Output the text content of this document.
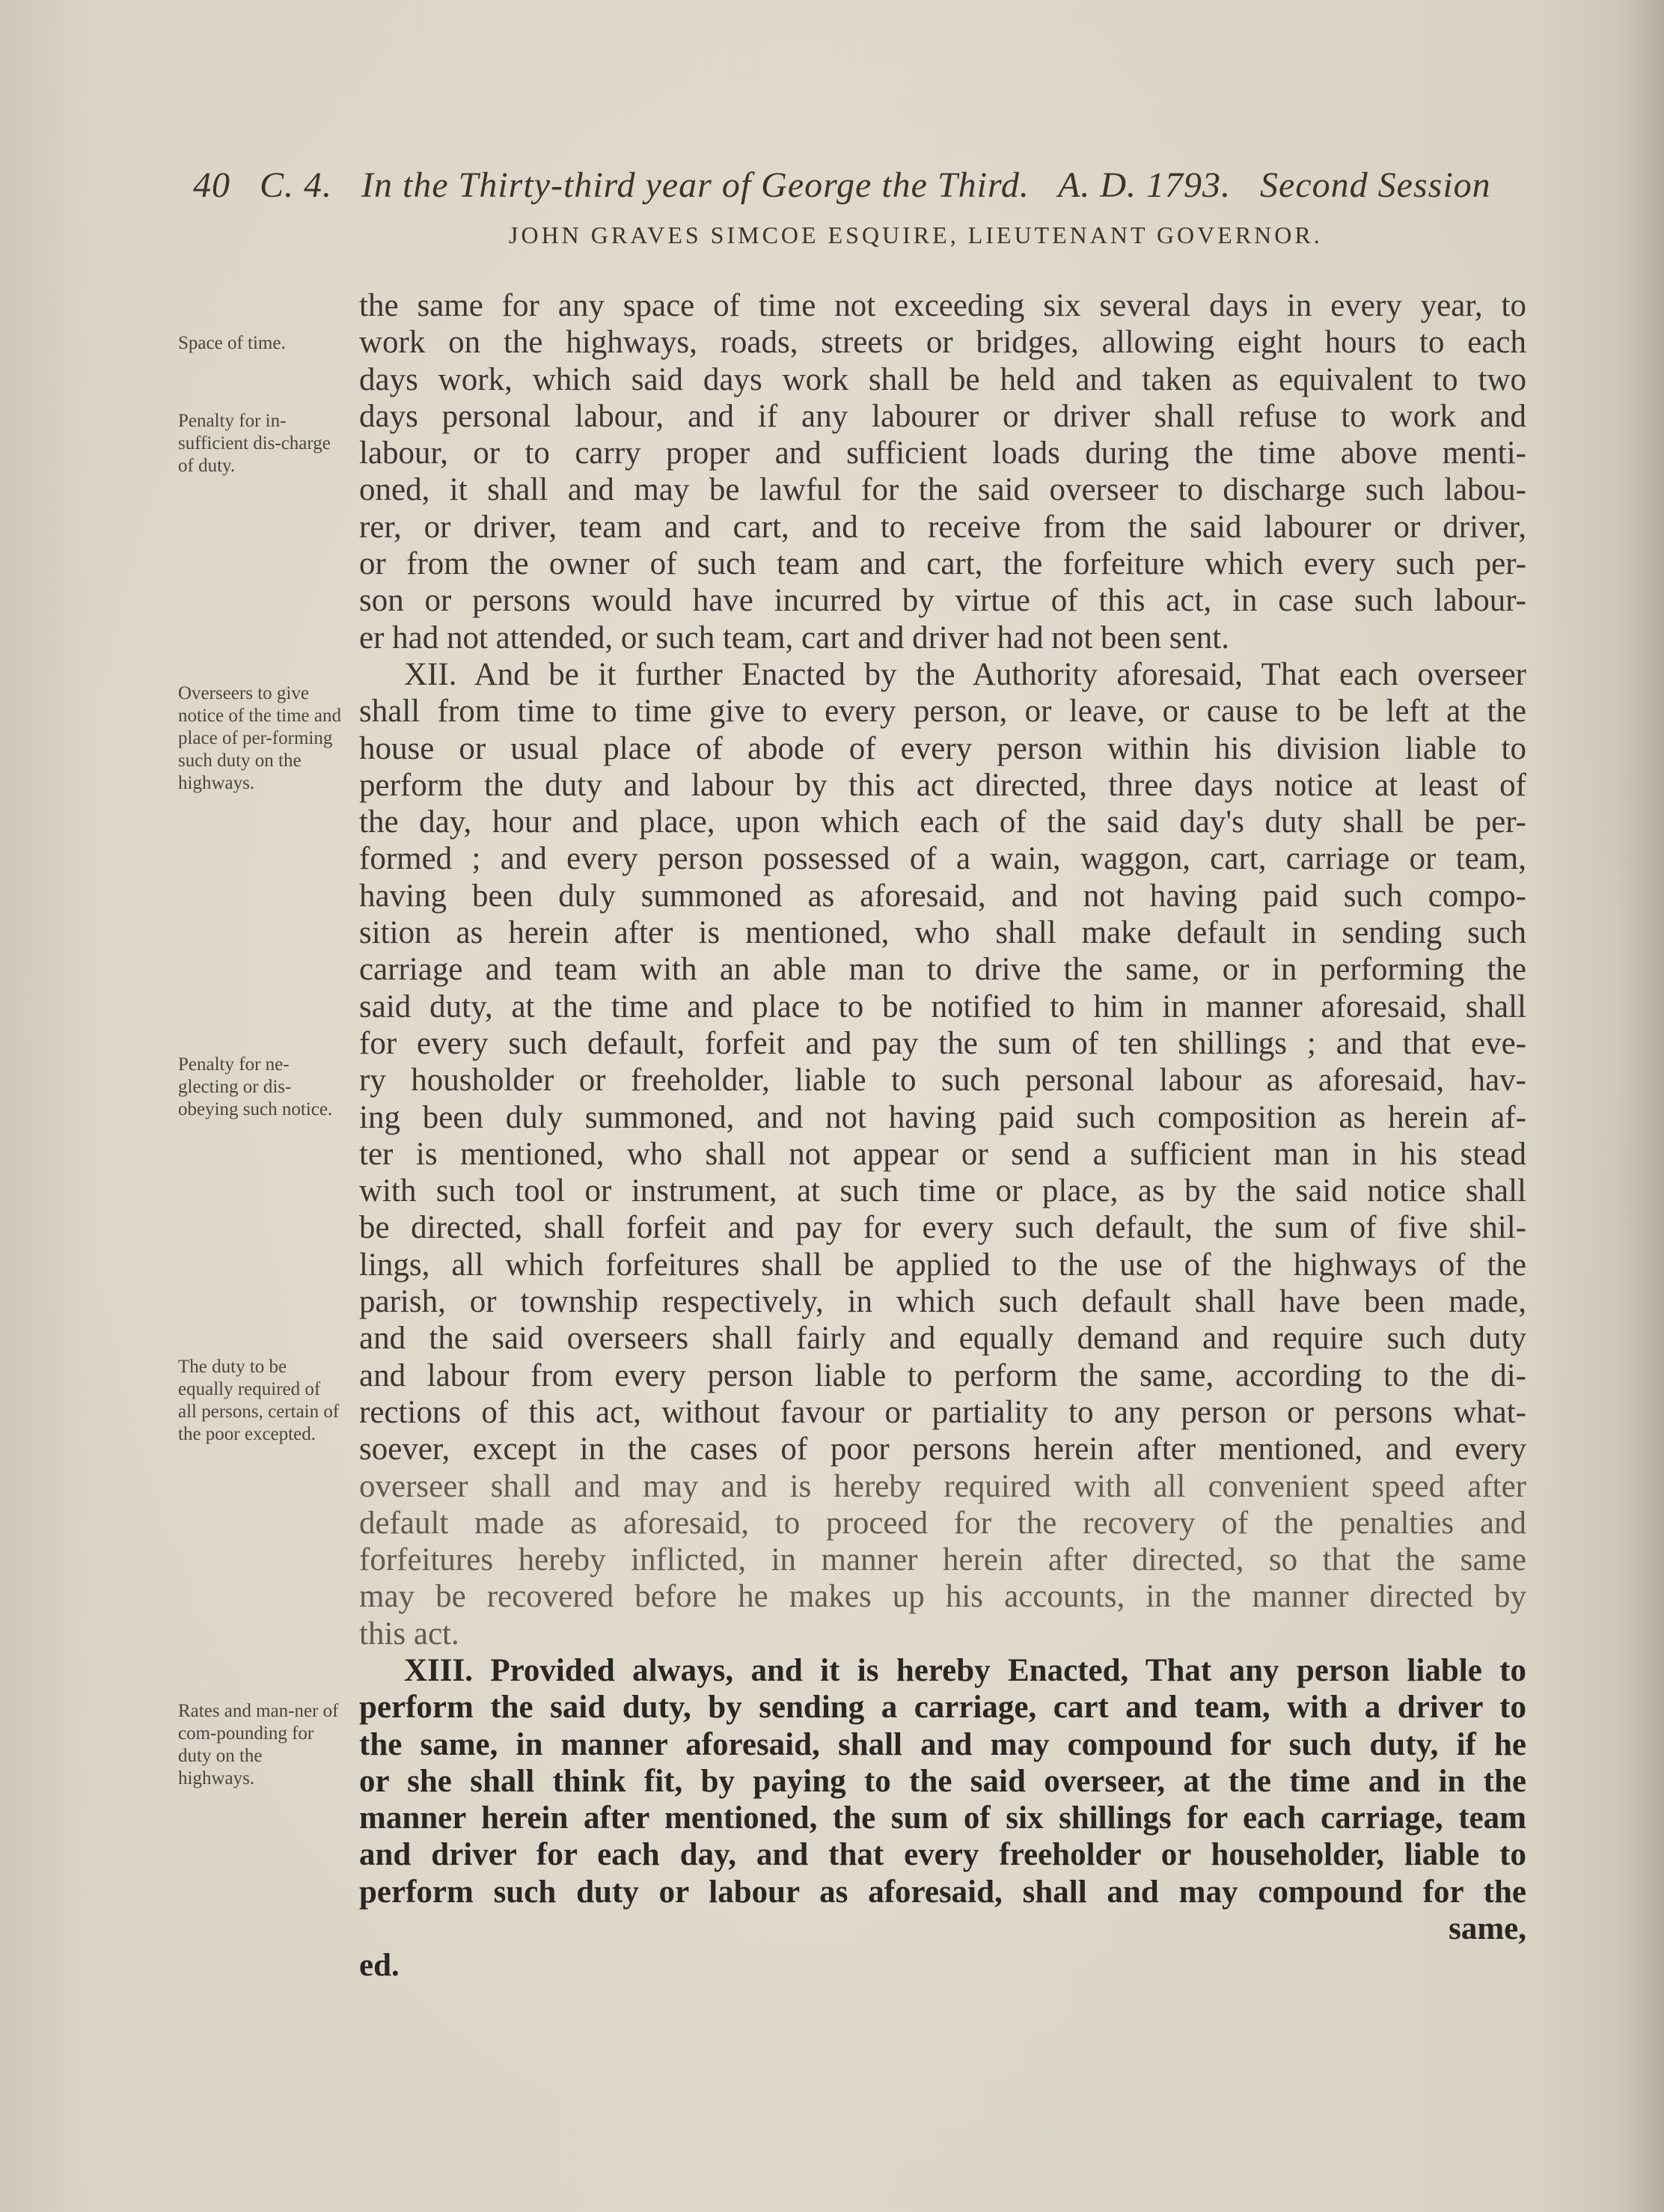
40 C. 4. In the Thirty-third year of George the Third. A. D. 1793. Second Session
JOHN GRAVES SIMCOE ESQUIRE, LIEUTENANT GOVERNOR.
Space of time.
Penalty for in-sufficient dis-charge of duty.
Overseers to give notice of the time and place of per-forming such duty on the highways.
Penalty for ne-glecting or dis-obeying such notice.
The duty to be equally required of all persons, certain of the poor excepted.
Rates and man-ner of com-pounding for duty on the highways.
the same for any space of time not exceeding six several days in every year, to
work on the highways, roads, streets or bridges, allowing eight hours to each
days work, which said days work shall be held and taken as equivalent to two
days personal labour, and if any labourer or driver shall refuse to work and
labour, or to carry proper and sufficient loads during the time above menti-
oned, it shall and may be lawful for the said overseer to discharge such labou-
rer, or driver, team and cart, and to receive from the said labourer or driver,
or from the owner of such team and cart, the forfeiture which every such per-
son or persons would have incurred by virtue of this act, in case such labour-
er had not attended, or such team, cart and driver had not been sent.
XII. And be it further Enacted by the Authority aforesaid, That each overseer
shall from time to time give to every person, or leave, or cause to be left at the
house or usual place of abode of every person within his division liable to
perform the duty and labour by this act directed, three days notice at least of
the day, hour and place, upon which each of the said day's duty shall be per-
formed ; and every person possessed of a wain, waggon, cart, carriage or team,
having been duly summoned as aforesaid, and not having paid such compo-
sition as herein after is mentioned, who shall make default in sending such
carriage and team with an able man to drive the same, or in performing the
said duty, at the time and place to be notified to him in manner aforesaid, shall
for every such default, forfeit and pay the sum of ten shillings ; and that eve-
ry housholder or freeholder, liable to such personal labour as aforesaid, hav-
ing been duly summoned, and not having paid such composition as herein af-
ter is mentioned, who shall not appear or send a sufficient man in his stead
with such tool or instrument, at such time or place, as by the said notice shall
be directed, shall forfeit and pay for every such default, the sum of five shil-
lings, all which forfeitures shall be applied to the use of the highways of the
parish, or township respectively, in which such default shall have been made,
and the said overseers shall fairly and equally demand and require such duty
and labour from every person liable to perform the same, according to the di-
rections of this act, without favour or partiality to any person or persons what-
soever, except in the cases of poor persons herein after mentioned, and every
overseer shall and may and is hereby required with all convenient speed after
default made as aforesaid, to proceed for the recovery of the penalties and
forfeitures hereby inflicted, in manner herein after directed, so that the same
may be recovered before he makes up his accounts, in the manner directed by
this act.
XIII. Provided always, and it is hereby Enacted, That any person liable to
perform the said duty, by sending a carriage, cart and team, with a driver to
the same, in manner aforesaid, shall and may compound for such duty, if he
or she shall think fit, by paying to the said overseer, at the time and in the
manner herein after mentioned, the sum of six shillings for each carriage, team
and driver for each day, and that every freeholder or householder, liable to
perform such duty or labour as aforesaid, shall and may compound for the
same,
ed.
